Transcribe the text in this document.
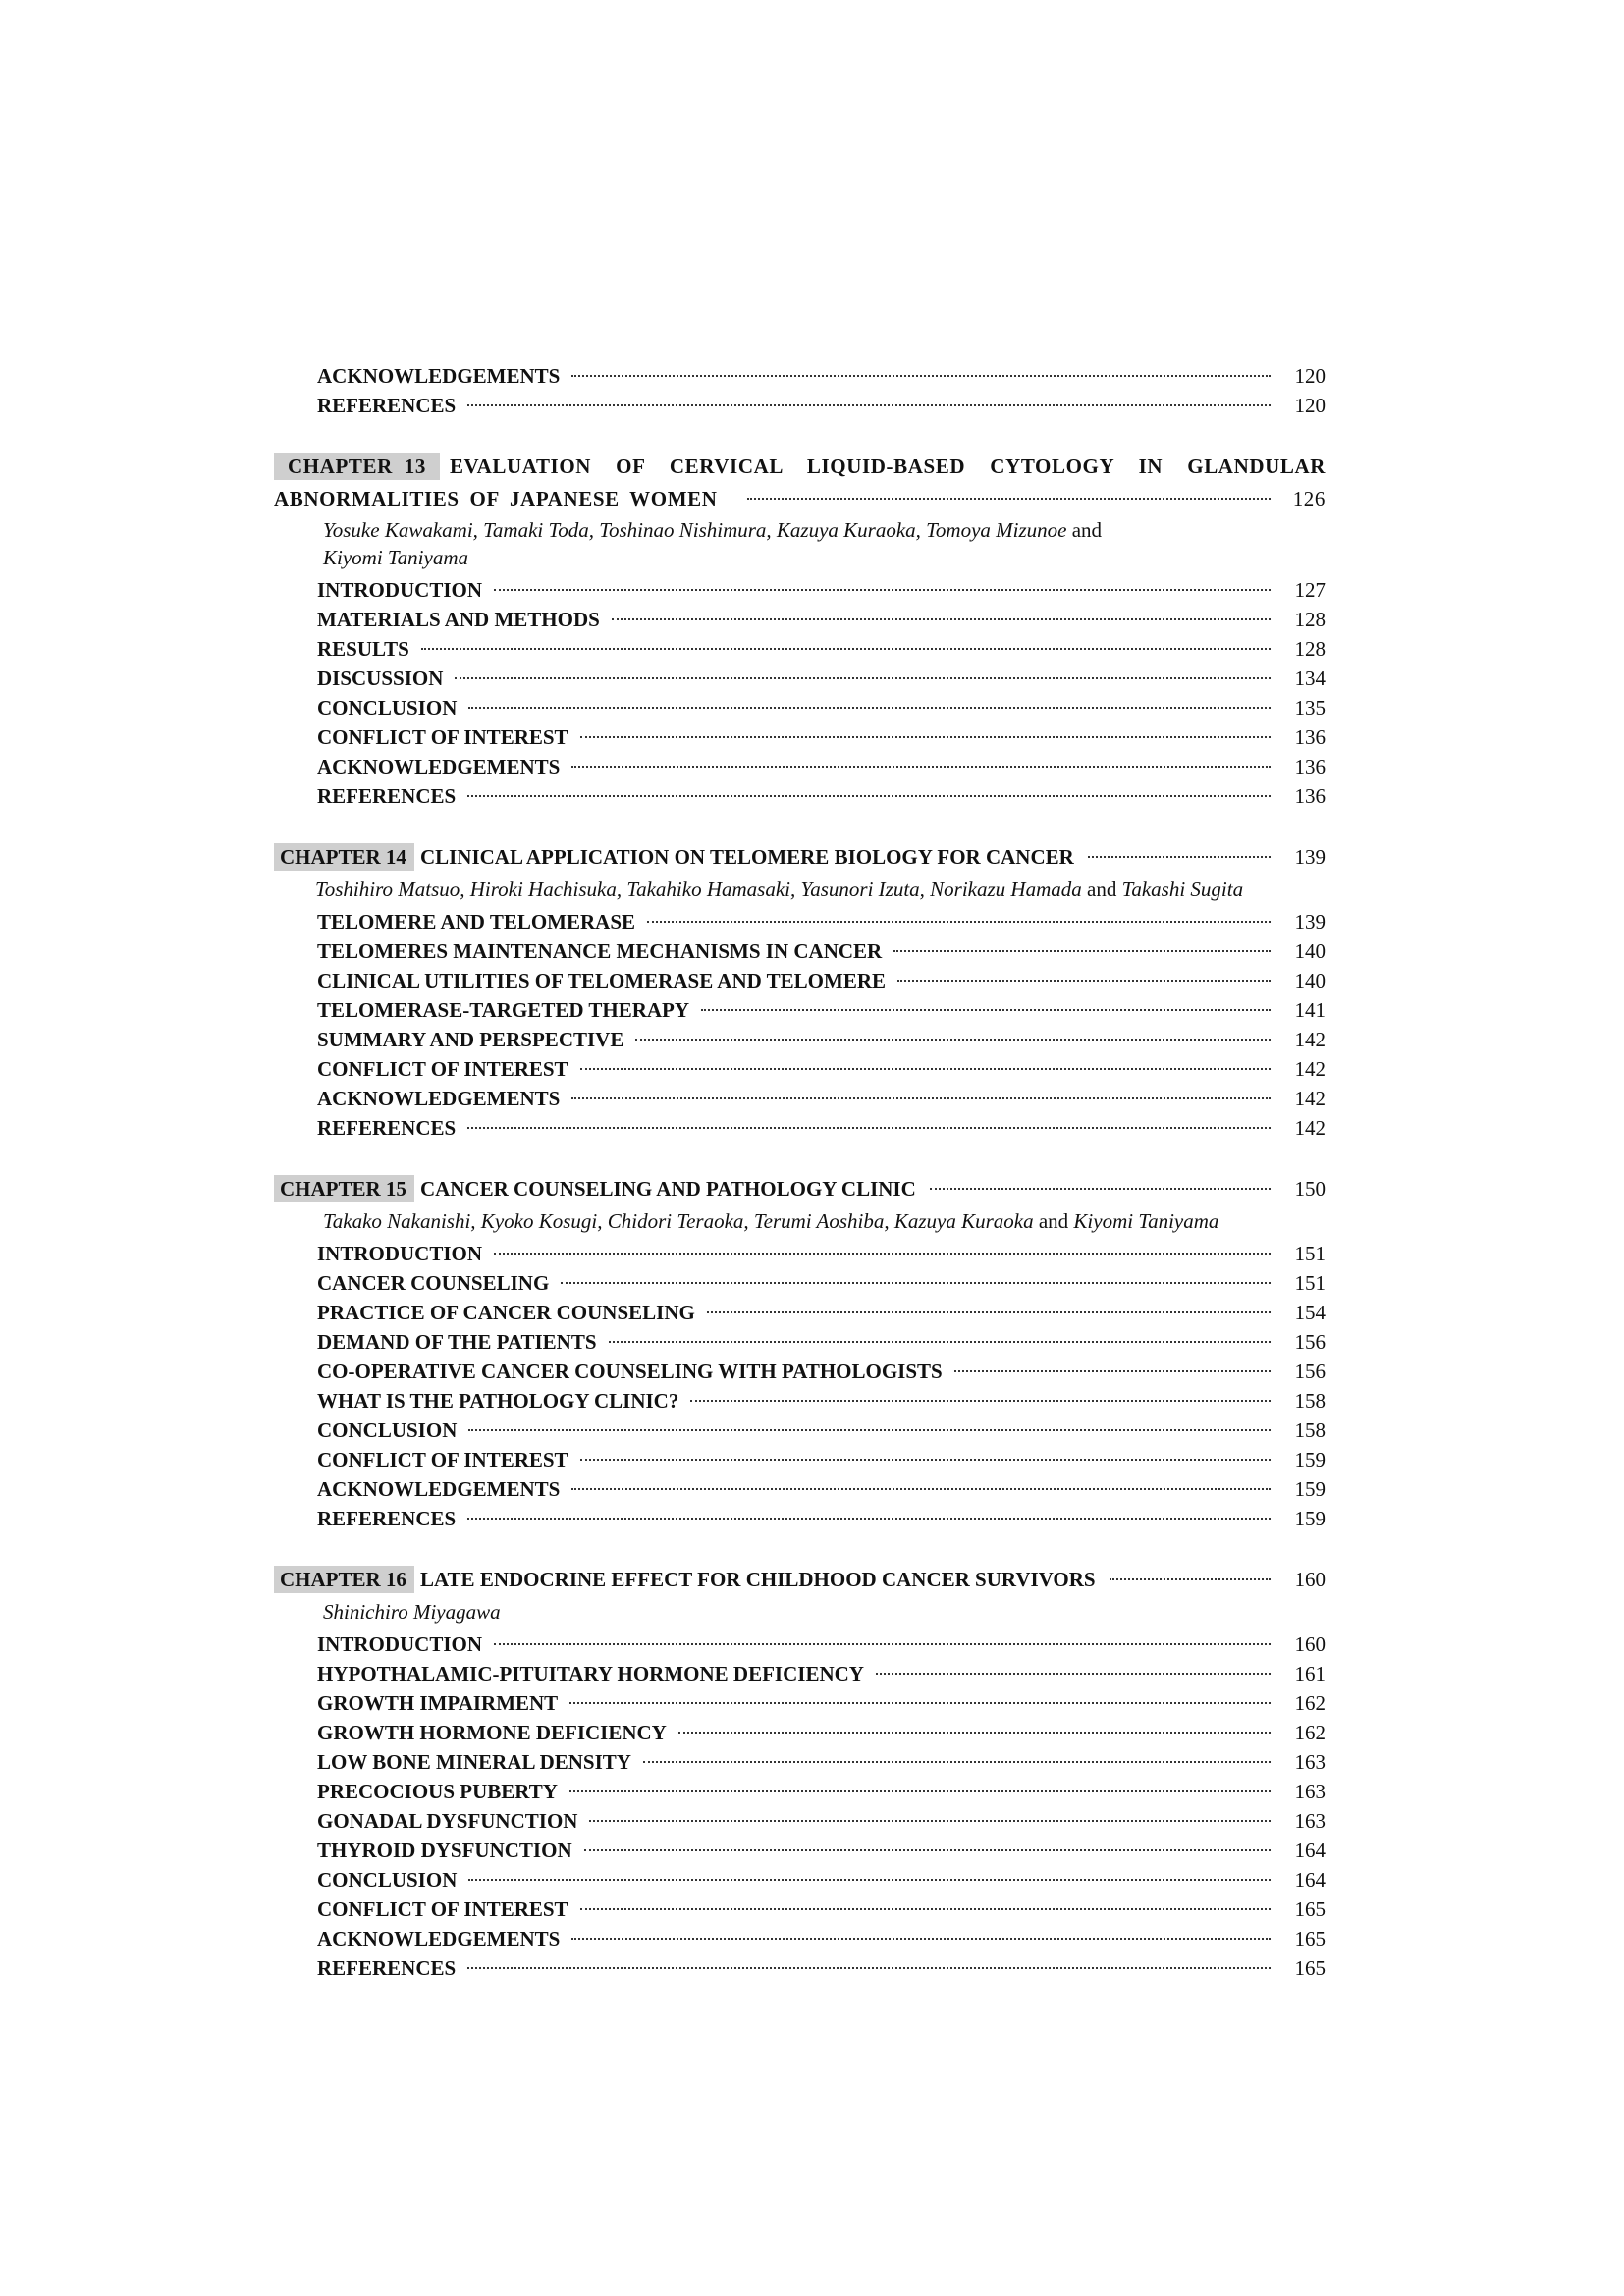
ACKNOWLEDGEMENTS	120
REFERENCES	120
CHAPTER 13 EVALUATION OF CERVICAL LIQUID-BASED CYTOLOGY IN GLANDULAR
ABNORMALITIES OF JAPANESE WOMEN	126
Yosuke Kawakami, Tamaki Toda, Toshinao Nishimura, Kazuya Kuraoka, Tomoya Mizunoe and
Kiyomi Taniyama
INTRODUCTION	127
MATERIALS AND METHODS	128
RESULTS	128
DISCUSSION	134
CONCLUSION	135
CONFLICT OF INTEREST	136
ACKNOWLEDGEMENTS	136
REFERENCES	136
CHAPTER 14 CLINICAL APPLICATION ON TELOMERE BIOLOGY FOR CANCER	139
Toshihiro Matsuo, Hiroki Hachisuka, Takahiko Hamasaki, Yasunori Izuta, Norikazu Hamada and Takashi Sugita
TELOMERE AND TELOMERASE	139
TELOMERES MAINTENANCE MECHANISMS IN CANCER	140
CLINICAL UTILITIES OF TELOMERASE AND TELOMERE	140
TELOMERASE-TARGETED THERAPY	141
SUMMARY AND PERSPECTIVE	142
CONFLICT OF INTEREST	142
ACKNOWLEDGEMENTS	142
REFERENCES	142
CHAPTER 15 CANCER COUNSELING AND PATHOLOGY CLINIC	150
Takako Nakanishi, Kyoko Kosugi, Chidori Teraoka, Terumi Aoshiba, Kazuya Kuraoka and Kiyomi Taniyama
INTRODUCTION	151
CANCER COUNSELING	151
PRACTICE OF CANCER COUNSELING	154
DEMAND OF THE PATIENTS	156
CO-OPERATIVE CANCER COUNSELING WITH PATHOLOGISTS	156
WHAT IS THE PATHOLOGY CLINIC?	158
CONCLUSION	158
CONFLICT OF INTEREST	159
ACKNOWLEDGEMENTS	159
REFERENCES	159
CHAPTER 16 LATE ENDOCRINE EFFECT FOR CHILDHOOD CANCER SURVIVORS	160
Shinichiro Miyagawa
INTRODUCTION	160
HYPOTHALAMIC-PITUITARY HORMONE DEFICIENCY	161
GROWTH IMPAIRMENT	162
GROWTH HORMONE DEFICIENCY	162
LOW BONE MINERAL DENSITY	163
PRECOCIOUS PUBERTY	163
GONADAL DYSFUNCTION	163
THYROID DYSFUNCTION	164
CONCLUSION	164
CONFLICT OF INTEREST	165
ACKNOWLEDGEMENTS	165
REFERENCES	165
